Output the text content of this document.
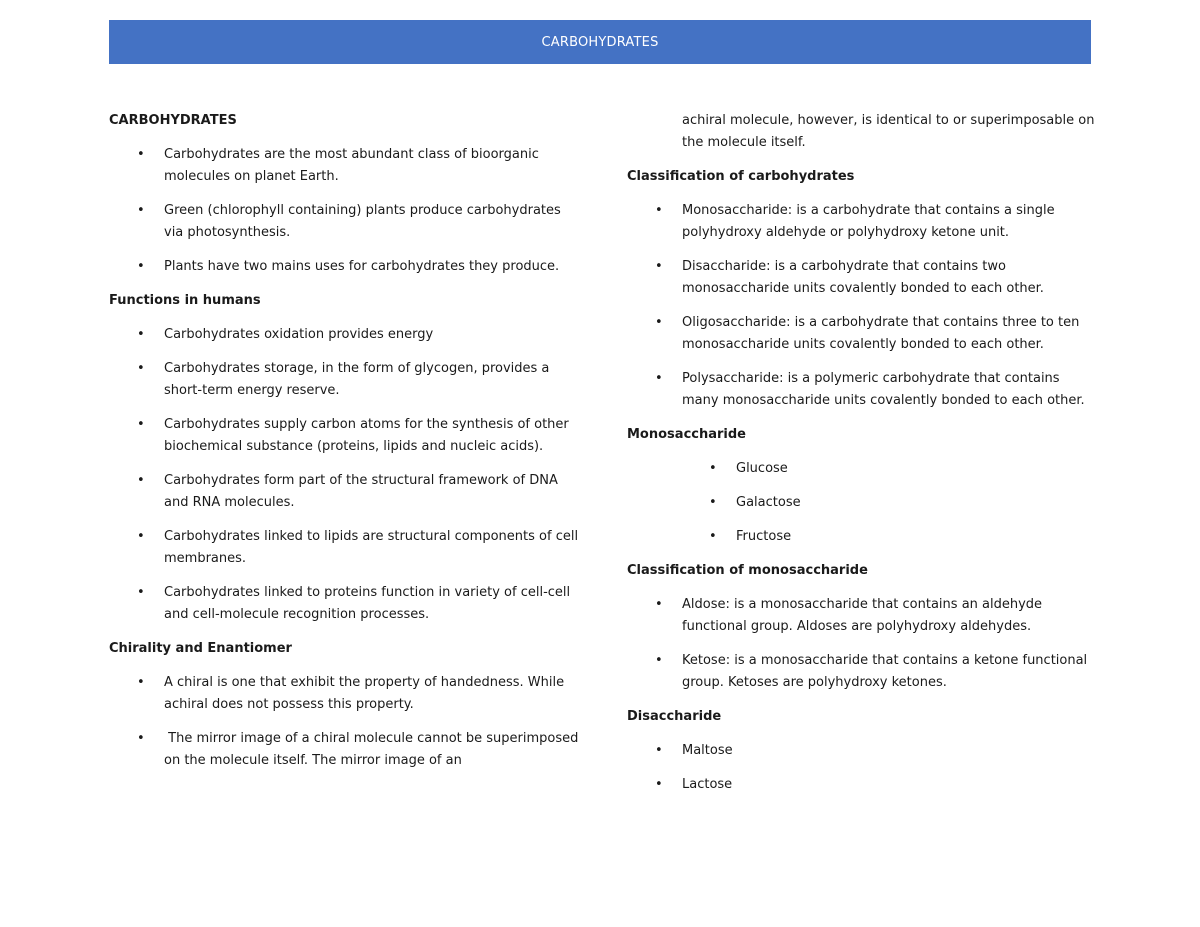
CARBOHYDRATES
CARBOHYDRATES
• Carbohydrates are the most abundant class of bioorganic molecules on planet Earth.
• Green (chlorophyll containing) plants produce carbohydrates via photosynthesis.
• Plants have two mains uses for carbohydrates they produce.
Functions in humans
• Carbohydrates oxidation provides energy
• Carbohydrates storage, in the form of glycogen, provides a short-term energy reserve.
• Carbohydrates supply carbon atoms for the synthesis of other biochemical substance (proteins, lipids and nucleic acids).
• Carbohydrates form part of the structural framework of DNA and RNA molecules.
• Carbohydrates linked to lipids are structural components of cell membranes.
• Carbohydrates linked to proteins function in variety of cell-cell and cell-molecule recognition processes.
Chirality and Enantiomer
• A chiral is one that exhibit the property of handedness. While achiral does not possess this property.
• The mirror image of a chiral molecule cannot be superimposed on the molecule itself. The mirror image of an
achiral molecule, however, is identical to or superimposable on the molecule itself.
Classification of carbohydrates
• Monosaccharide: is a carbohydrate that contains a single polyhydroxy aldehyde or polyhydroxy ketone unit.
• Disaccharide: is a carbohydrate that contains two monosaccharide units covalently bonded to each other.
• Oligosaccharide: is a carbohydrate that contains three to ten monosaccharide units covalently bonded to each other.
• Polysaccharide: is a polymeric carbohydrate that contains many monosaccharide units covalently bonded to each other.
Monosaccharide
• Glucose
• Galactose
• Fructose
Classification of monosaccharide
• Aldose: is a monosaccharide that contains an aldehyde functional group. Aldoses are polyhydroxy aldehydes.
• Ketose: is a monosaccharide that contains a ketone functional group. Ketoses are polyhydroxy ketones.
Disaccharide
• Maltose
• Lactose
